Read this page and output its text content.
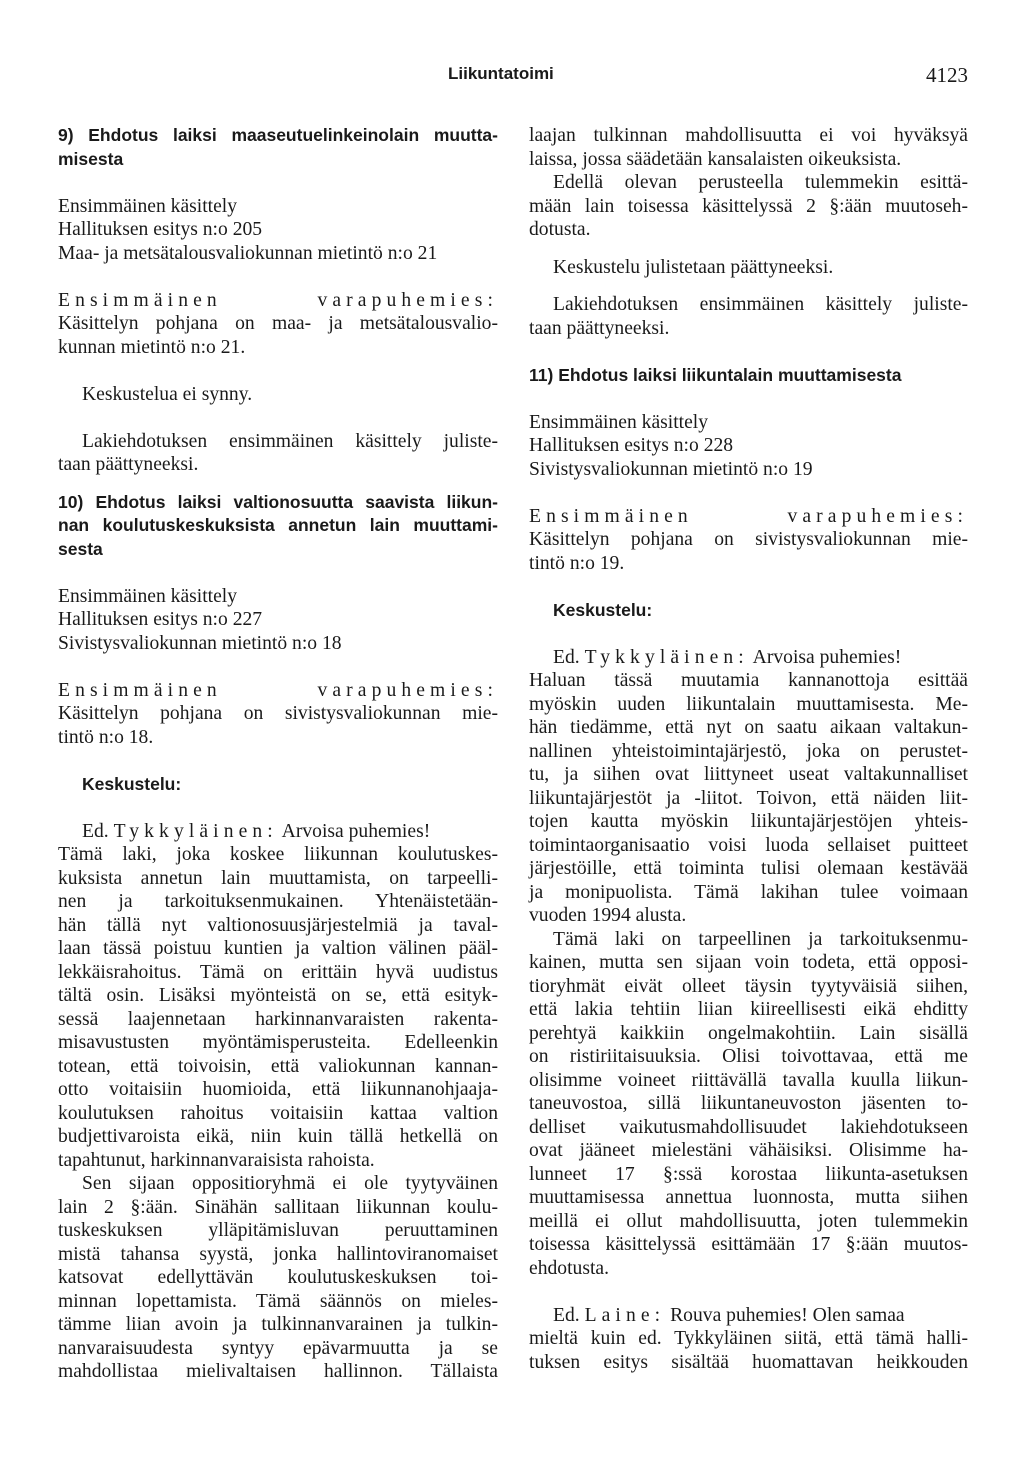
Liikuntatoimi	4123
9) Ehdotus laiksi maaseutuelinkeinolain muutta-
misesta
Ensimmäinen käsittely
Hallituksen esitys n:o 205
Maa- ja metsätalousvaliokunnan mietintö n:o 21
Ensimmäinen varapuhemies:
Käsittelyn pohjana on maa- ja metsätalousvalio-
kunnan mietintö n:o 21.
Keskustelua ei synny.
Lakiehdotuksen ensimmäinen käsittely juliste-
taan päättyneeksi.
10) Ehdotus laiksi valtionosuutta saavista liikun-
nan koulutuskeskuksista annetun lain muuttami-
sesta
Ensimmäinen käsittely
Hallituksen esitys n:o 227
Sivistysvaliokunnan mietintö n:o 18
Ensimmäinen varapuhemies:
Käsittelyn pohjana on sivistysvaliokunnan mie-
tintö n:o 18.
Keskustelu:
Ed. Tykkyläinen: Arvoisa puhemies!
Tämä laki, joka koskee liikunnan koulutuskes-
kuksista annetun lain muuttamista, on tarpeelli-
nen ja tarkoituksenmukainen. Yhtenäistetään-
hän tällä nyt valtionosuusjärjestelmiä ja taval-
laan tässä poistuu kuntien ja valtion välinen pääl-
lekkäisrahoitus. Tämä on erittäin hyvä uudistus
tältä osin. Lisäksi myönteistä on se, että esityk-
sessä laajennetaan harkinnanvaraisten rakenta-
misavustusten myöntämisperusteita. Edelleenkin
totean, että toivoisin, että valiokunnan kannan-
otto voitaisiin huomioida, että liikunnanohjaaja-
koulutuksen rahoitus voitaisiin kattaa valtion
budjettivaroista eikä, niin kuin tällä hetkellä on
tapahtunut, harkinnanvaraisista rahoista.
Sen sijaan oppositioryhmä ei ole tyytyväinen
lain 2 §:ään. Sinähän sallitaan liikunnan koulu-
tuskeskuksen ylläpitämisluvan peruuttaminen
mistä tahansa syystä, jonka hallintoviranomaiset
katsovat edellyttävän koulutuskeskuksen toi-
minnan lopettamista. Tämä säännös on mieles-
tämme liian avoin ja tulkinnanvarainen ja tulkin-
nanvaraisuudesta syntyy epävarmuutta ja se
mahdollistaa mielivaltaisen hallinnon. Tällaista
laajan tulkinnan mahdollisuutta ei voi hyväksyä
laissa, jossa säädetään kansalaisten oikeuksista.
Edellä olevan perusteella tulemmekin esittä-
mään lain toisessa käsittelyssä 2 §:ään muutoseh-
dotusta.
Keskustelu julistetaan päättyneeksi.
Lakiehdotuksen ensimmäinen käsittely juliste-
taan päättyneeksi.
11) Ehdotus laiksi liikuntalain muuttamisesta
Ensimmäinen käsittely
Hallituksen esitys n:o 228
Sivistysvaliokunnan mietintö n:o 19
Ensimmäinen varapuhemies:
Käsittelyn pohjana on sivistysvaliokunnan mie-
tintö n:o 19.
Keskustelu:
Ed. Tykkyläinen: Arvoisa puhemies!
Haluan tässä muutamia kannanottoja esittää
myöskin uuden liikuntalain muuttamisesta. Me-
hän tiedämme, että nyt on saatu aikaan valtakun-
nallinen yhteistoimintajärjestö, joka on perustet-
tu, ja siihen ovat liittyneet useat valtakunnalliset
liikuntajärjestöt ja -liitot. Toivon, että näiden liit-
tojen kautta myöskin liikuntajärjestöjen yhteis-
toimintaorganisaatio voisi luoda sellaiset puitteet
järjestöille, että toiminta tulisi olemaan kestävää
ja monipuolista. Tämä lakihan tulee voimaan
vuoden 1994 alusta.
Tämä laki on tarpeellinen ja tarkoituksenmu-
kainen, mutta sen sijaan voin todeta, että opposi-
tioryhmät eivät olleet täysin tyytyväisiä siihen,
että lakia tehtiin liian kiireellisesti eikä ehditty
perehtyä kaikkiin ongelmakohtiin. Lain sisällä
on ristiriitaisuuksia. Olisi toivottavaa, että me
olisimme voineet riittävällä tavalla kuulla liikun-
taneuvostoa, sillä liikuntaneuvoston jäsenten to-
delliset vaikutusmahdollisuudet lakiehdotukseen
ovat jääneet mielestäni vähäisiksi. Olisimme ha-
lunneet 17 §:ssä korostaa liikunta-asetuksen
muuttamisessa annettua luonnosta, mutta siihen
meillä ei ollut mahdollisuutta, joten tulemmekin
toisessa käsittelyssä esittämään 17 §:ään muutos-
ehdotusta.
Ed. Laine: Rouva puhemies! Olen samaa
mieltä kuin ed. Tykkyläinen siitä, että tämä halli-
tuksen esitys sisältää huomattavan heikkouden
